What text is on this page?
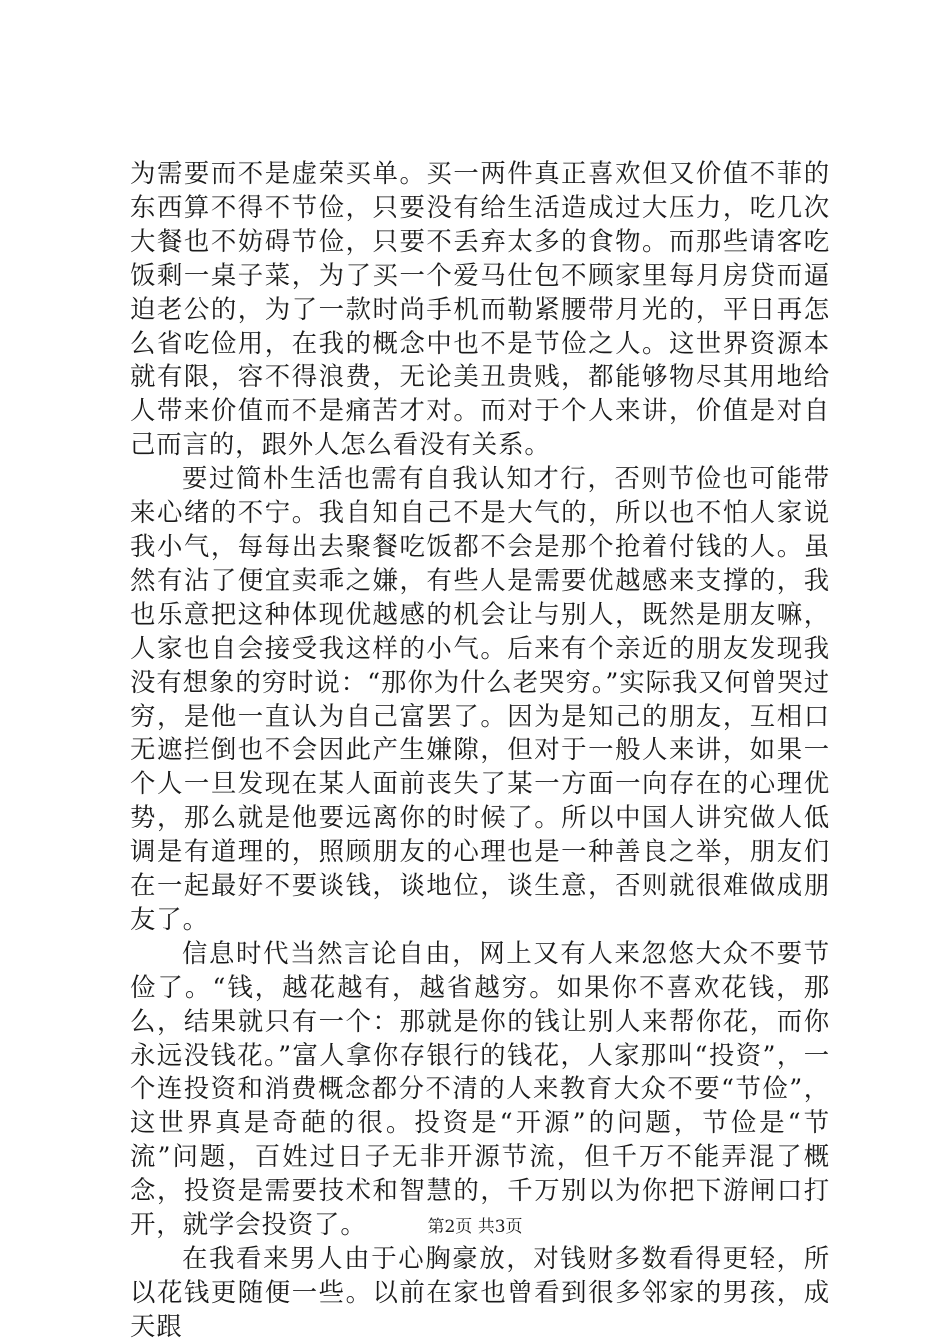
为需要而不是虚荣买单。买一两件真正喜欢但又价值不菲的东西算不得不节俭，只要没有给生活造成过大压力，吃几次大餐也不妨碍节俭，只要不丢弃太多的食物。而那些请客吃饭剩一桌子菜，为了买一个爱马仕包不顾家里每月房贷而逼迫老公的，为了一款时尚手机而勒紧腰带月光的，平日再怎么省吃俭用，在我的概念中也不是节俭之人。这世界资源本就有限，容不得浪费，无论美丑贵贱，都能够物尽其用地给人带来价值而不是痛苦才对。而对于个人来讲，价值是对自己而言的，跟外人怎么看没有关系。

要过简朴生活也需有自我认知才行，否则节俭也可能带来心绪的不宁。我自知自己不是大气的，所以也不怕人家说我小气，每每出去聚餐吃饭都不会是那个抢着付钱的人。虽然有沾了便宜卖乖之嫌，有些人是需要优越感来支撑的，我也乐意把这种体现优越感的机会让与别人，既然是朋友嘛，人家也自会接受我这样的小气。后来有个亲近的朋友发现我没有想象的穷时说：“那你为什么老哭穷。”实际我又何曾哭过穷，是他一直认为自己富罢了。因为是知己的朋友，互相口无遮拦倒也不会因此产生嫌隙，但对于一般人来讲，如果一个人一旦发现在某人面前丧失了某一方面一向存在的心理优势，那么就是他要远离你的时候了。所以中国人讲究做人低调是有道理的，照顾朋友的心理也是一种善良之举，朋友们在一起最好不要谈钱，谈地位，谈生意，否则就很难做成朋友了。

信息时代当然言论自由，网上又有人来忽悠大众不要节俭了。“钱，越花越有，越省越穷。如果你不喜欢花钱，那么，结果就只有一个：那就是你的钱让别人来帮你花，而你永远没钱花。”富人拿你存银行的钱花，人家那叫“投资”，一个连投资和消费概念都分不清的人来教育大众不要“节俭”，这世界真是奇葩的很。投资是“开源”的问题，节俭是“节流”问题，百姓过日子无非开源节流，但千万不能弄混了概念，投资是需要技术和智慧的，千万别以为你把下游闸口打开，就学会投资了。

在我看来男人由于心胸豪放，对钱财多数看得更轻，所以花钱更随便一些。以前在家也曾看到很多邻家的男孩，成天跟

第2页 共3页
